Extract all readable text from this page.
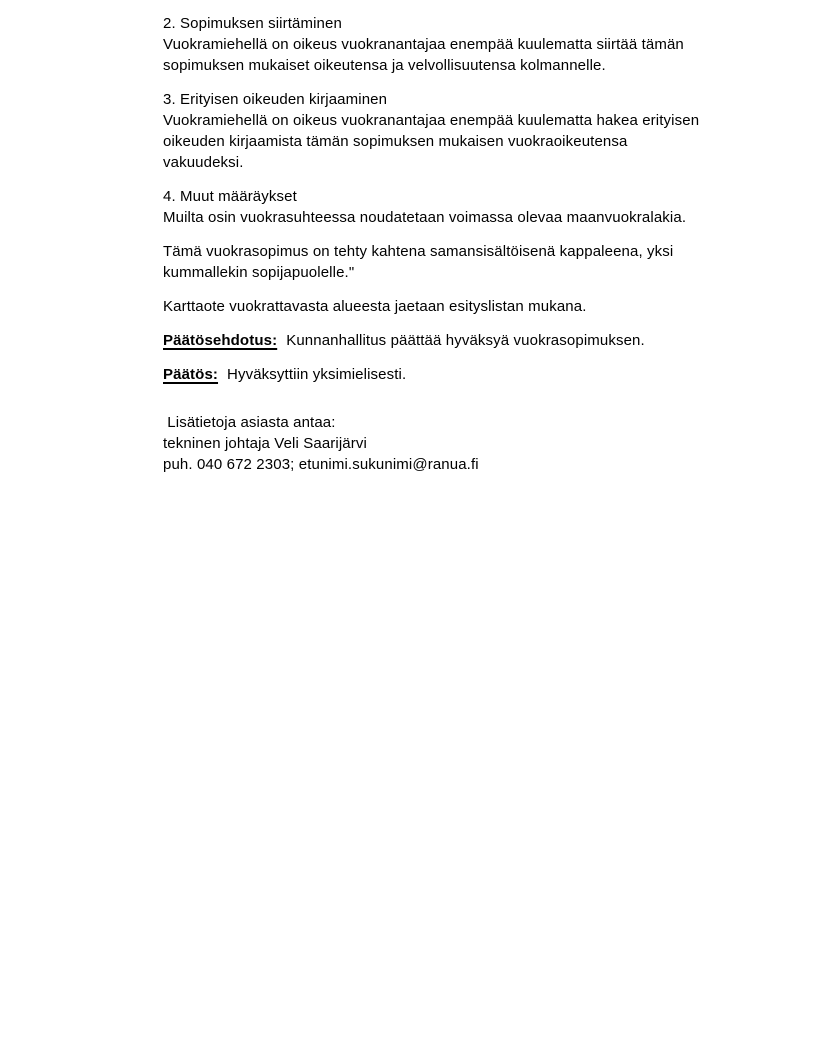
2. Sopimuksen siirtäminen
Vuokramiehellä on oikeus vuokranantajaa enempää kuulematta siirtää tämän
sopimuksen mukaiset oikeutensa ja velvollisuutensa kolmannelle.
3. Erityisen oikeuden kirjaaminen
Vuokramiehellä on oikeus vuokranantajaa enempää kuulematta hakea erityisen
oikeuden kirjaamista tämän sopimuksen mukaisen vuokraoikeutensa
vakuudeksi.
4. Muut määräykset
Muilta osin vuokrasuhteessa noudatetaan voimassa olevaa maanvuokralakia.
Tämä vuokrasopimus on tehty kahtena samansisältöisenä kappaleena, yksi
kummallekin sopijapuolelle."
Karttaote vuokrattavasta alueesta jaetaan esityslistan mukana.
Päätösehdotus: Kunnanhallitus päättää hyväksyä vuokrasopimuksen.
Päätös: Hyväksyttiin yksimielisesti.
Lisätietoja asiasta antaa:
tekninen johtaja Veli Saarijärvi
puh. 040 672 2303; etunimi.sukunimi@ranua.fi
